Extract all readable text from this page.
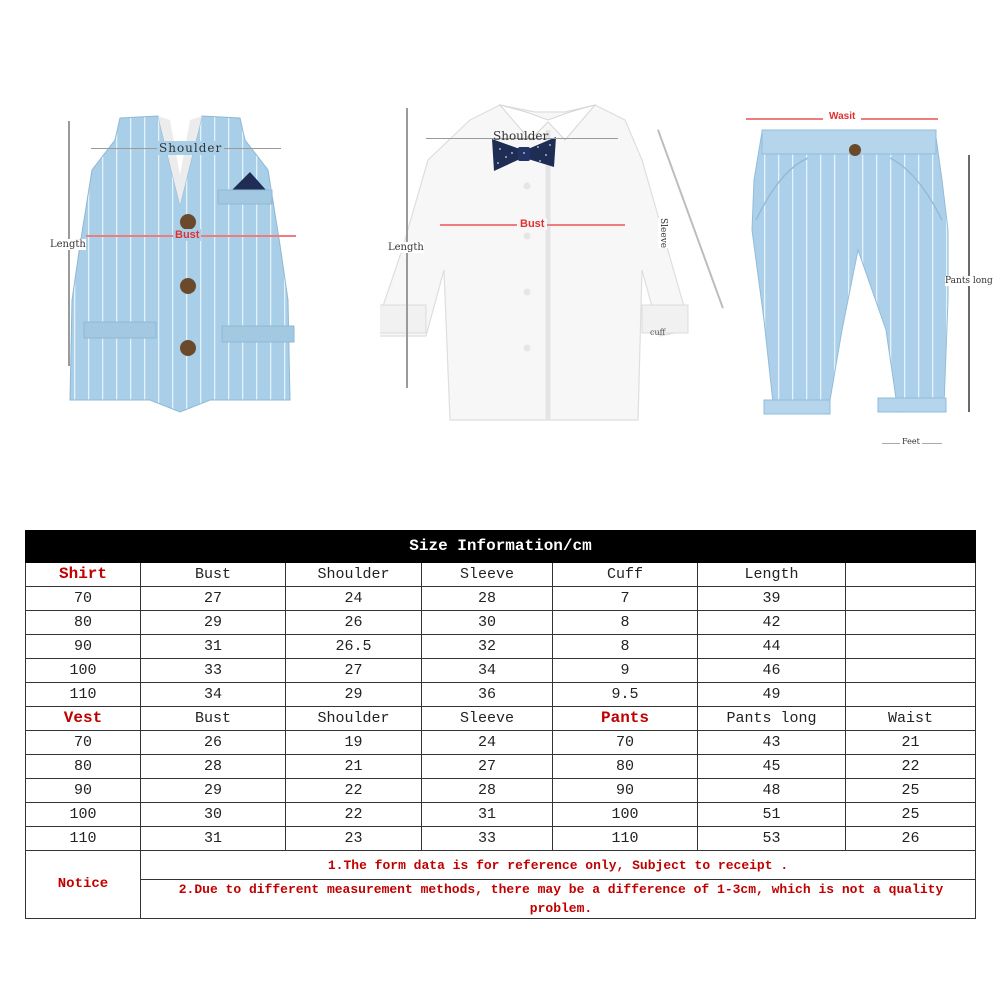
Shoulder
Bust
Length
Shoulder
Bust
Length	Sleeve
cuff
Wasit
Pants long
Feet
Size Information/cm						
Shirt	Bust	Shoulder	Sleeve	Cuff	Length	
70	27	24	28	7	39	
80	29	26	30	8	42	
90	31	26.5	32	8	44	
100	33	27	34	9	46	
110	34	29	36	9.5	49	
Vest	Bust	Shoulder	Sleeve	Pants	Pants long	Waist
70	26	19	24	70	43	21
80	28	21	27	80	45	22
90	29	22	28	90	48	25
100	30	22	31	100	51	25
110	31	23	33	110	53	26
Notice	1.The form data is for reference only, Subject to receipt .					
	2.Due to different measurement methods, there may be a difference of 1-3cm, which is not a quality problem.					
